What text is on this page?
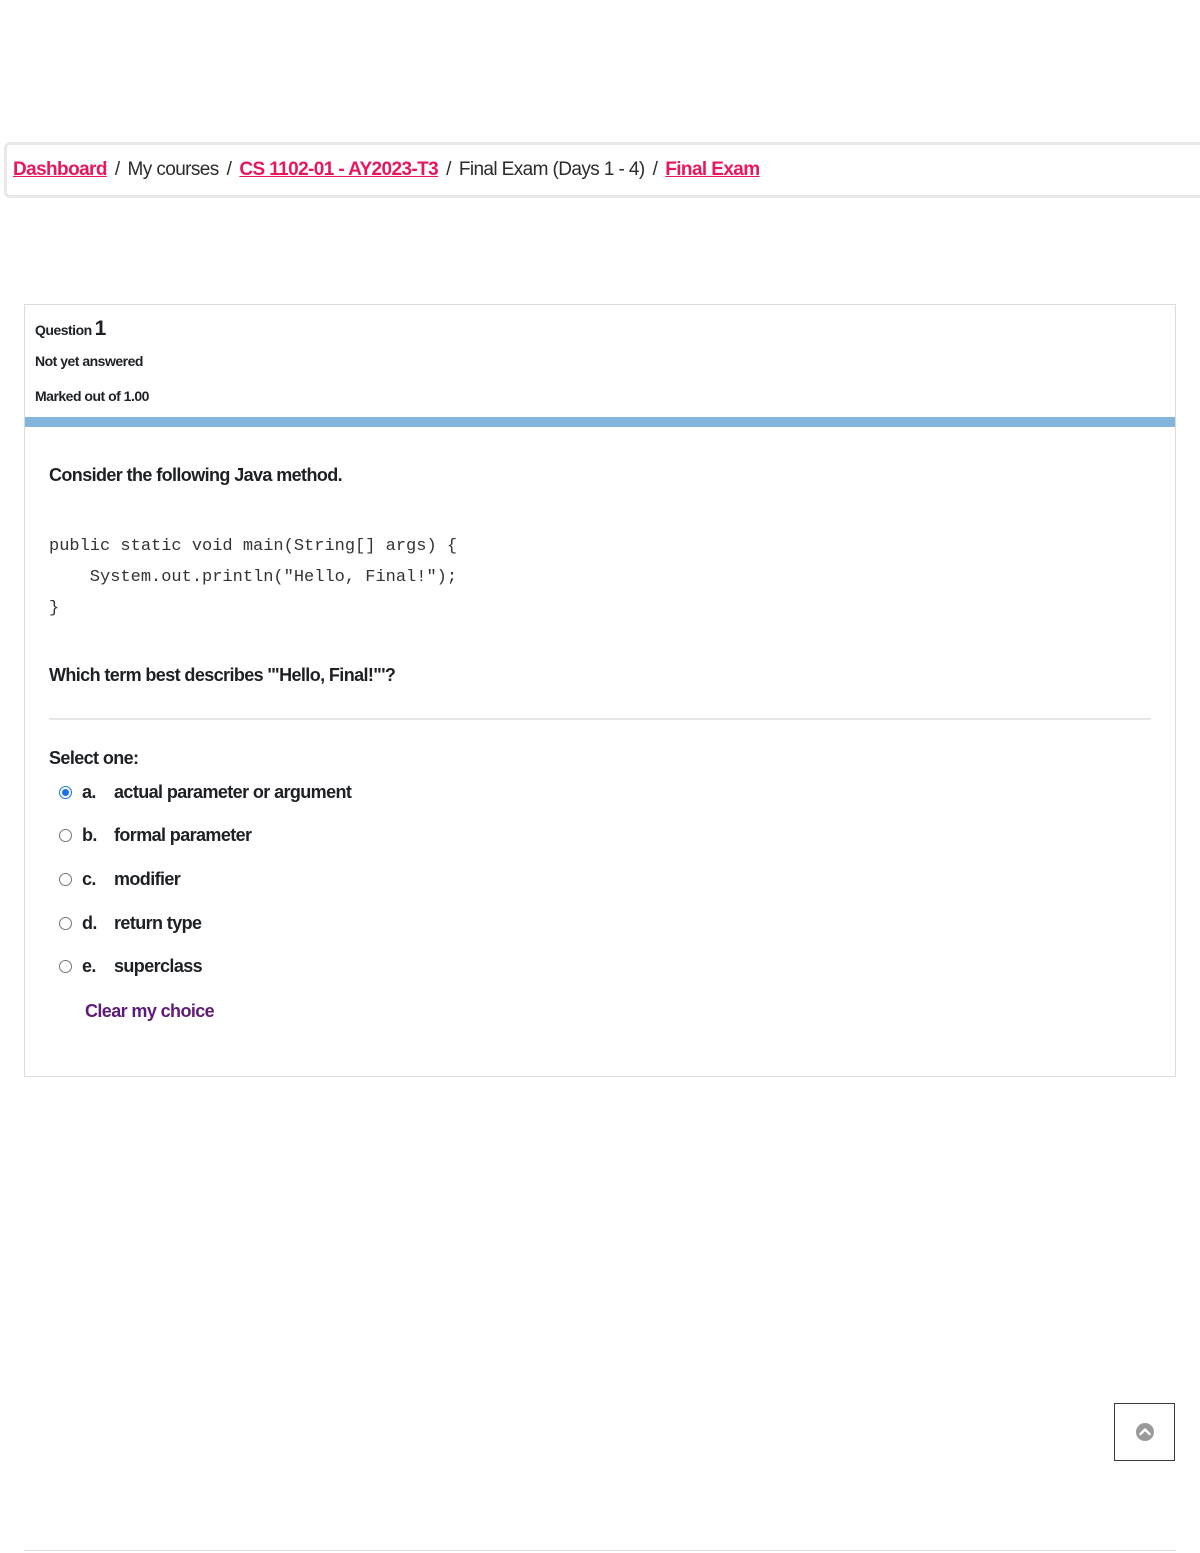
Dashboard / My courses / CS 1102-01 - AY2023-T3 / Final Exam (Days 1 - 4) / Final Exam
Question 1
Not yet answered
Marked out of 1.00
Consider the following Java method.
public static void main(String[] args) {
System.out.println("Hello, Final!");
}
Which term best describes '"Hello, Final!"'?
Select one:
a.	actual parameter or argument
b. formal parameter
c.	modifier
d. return type
e.	superclass
Clear my choice
